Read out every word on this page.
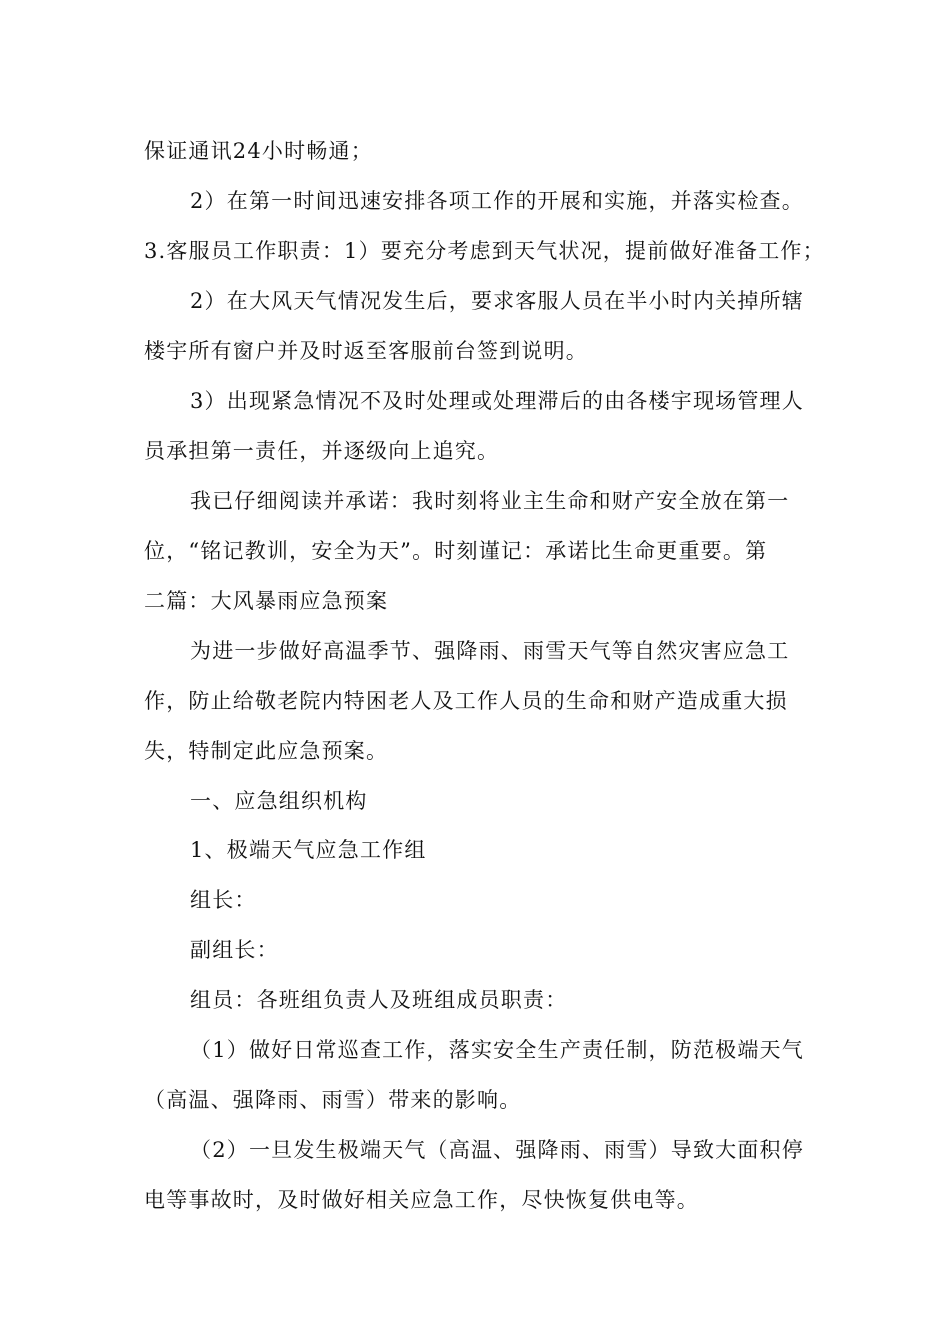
保证通讯24小时畅通；
2）在第一时间迅速安排各项工作的开展和实施，并落实检查。
3.客服员工作职责：1）要充分考虑到天气状况，提前做好准备工作；
2）在大风天气情况发生后，要求客服人员在半小时内关掉所辖
楼宇所有窗户并及时返至客服前台签到说明。
3）出现紧急情况不及时处理或处理滞后的由各楼宇现场管理人
员承担第一责任，并逐级向上追究。
我已仔细阅读并承诺：我时刻将业主生命和财产安全放在第一
位，“铭记教训，安全为天”。时刻谨记：承诺比生命更重要。第
二篇：大风暴雨应急预案
为进一步做好高温季节、强降雨、雨雪天气等自然灾害应急工
作，防止给敬老院内特困老人及工作人员的生命和财产造成重大损
失，特制定此应急预案。
一、应急组织机构
1、极端天气应急工作组
组长：
副组长：
组员：各班组负责人及班组成员职责：
（1）做好日常巡查工作，落实安全生产责任制，防范极端天气
（高温、强降雨、雨雪）带来的影响。
（2）一旦发生极端天气（高温、强降雨、雨雪）导致大面积停
电等事故时，及时做好相关应急工作，尽快恢复供电等。
